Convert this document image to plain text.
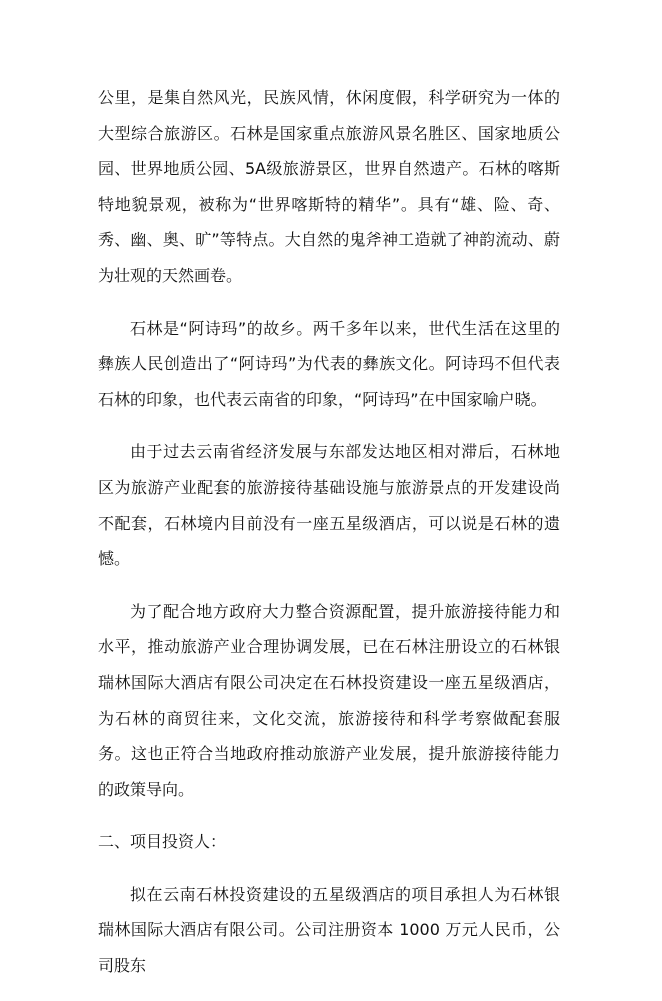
公里，是集自然风光，民族风情，休闲度假，科学研究为一体的大型综合旅游区。石林是国家重点旅游风景名胜区、国家地质公园、世界地质公园、5A级旅游景区，世界自然遗产。石林的喀斯特地貌景观，被称为“世界喀斯特的精华”。具有“雄、险、奇、秀、幽、奥、旷”等特点。大自然的鬼斧神工造就了神韵流动、蔚为壮观的天然画卷。

石林是“阿诗玛”的故乡。两千多年以来，世代生活在这里的彝族人民创造出了“阿诗玛”为代表的彝族文化。阿诗玛不但代表石林的印象，也代表云南省的印象，“阿诗玛”在中国家喻户晓。

由于过去云南省经济发展与东部发达地区相对滞后，石林地区为旅游产业配套的旅游接待基础设施与旅游景点的开发建设尚不配套，石林境内目前没有一座五星级酒店，可以说是石林的遗憾。

为了配合地方政府大力整合资源配置，提升旅游接待能力和水平，推动旅游产业合理协调发展，已在石林注册设立的石林银瑞林国际大酒店有限公司决定在石林投资建设一座五星级酒店，为石林的商贸往来，文化交流，旅游接待和科学考察做配套服务。这也正符合当地政府推动旅游产业发展，提升旅游接待能力的政策导向。

二、项目投资人：

拟在云南石林投资建设的五星级酒店的项目承担人为石林银瑞林国际大酒店有限公司。公司注册资本 1000 万元人民币，公司股东
